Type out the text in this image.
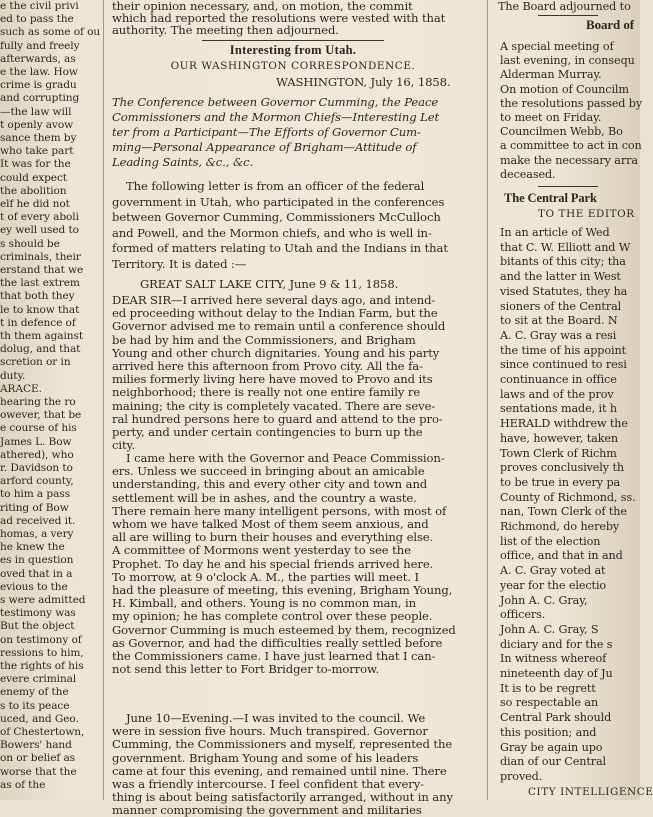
e the civil privi
ed to pass the
such as some of ou
fully and freely
afterwards, as
e the law. How
crime is gradu
and corrupting
—the law will
t openly avow
sance them by
who take part
It was for the
could expect
the abolition
elf he did not
t of every aboli
ey well used to
s should be
criminals, their
erstand that we
the last extrem
that both they
le to know that
t in defence of
th them against
dolug, and that
scretion or in
duty.
ARACE.
hearing the ro
owever, that be
e course of his
James L. Bow
athered), who
r. Davidson to
arford county,
to him a pass
riting of Bow
ad received it.
homas, a very
he knew the
es in question
oved that in a
evious to the
s were admitted
testimony was
But the object
on testimony of
ressions to him,
the rights of his
evere criminal
enemy of the
s to its peace
uced, and Geo.
of Chestertown,
Bowers' hand
on or belief as
worse that the
as of the
their opinion necessary, and, on motion, the commit
which had reported the resolutions were vested with that
authority. The meeting then adjourned.
Interesting from Utah.
OUR WASHINGTON CORRESPONDENCE.
WASHINGTON, July 16, 1858.
The Conference between Governor Cumming, the Peace
Commissioners and the Mormon Chiefs—Interesting Let
ter from a Participant—The Efforts of Governor Cum-
ming—Personal Appearance of Brigham—Attitude of
Leading Saints, &c., &c.
The following letter is from an officer of the federal
government in Utah, who participated in the conferences
between Governor Cumming, Commissioners McCulloch
and Powell, and the Mormon chiefs, and who is well in-
formed of matters relating to Utah and the Indians in that
Territory. It is dated :—
GREAT SALT LAKE CITY, June 9 & 11, 1858.
DEAR SIR—I arrived here several days ago, and intend-
ed proceeding without delay to the Indian Farm, but the
Governor advised me to remain until a conference should
be had by him and the Commissioners, and Brigham
Young and other church dignitaries. Young and his party
arrived here this afternoon from Provo city. All the fa-
milies formerly living here have moved to Provo and its
neighborhood; there is really not one entire family re
maining; the city is completely vacated. There are seve-
ral hundred persons here to guard and attend to the pro-
perty, and under certain contingencies to burn up the
city.
I came here with the Governor and Peace Commission-
ers. Unless we succeed in bringing about an amicable
understanding, this and every other city and town and
settlement will be in ashes, and the country a waste.
There remain here many intelligent persons, with most of
whom we have talked Most of them seem anxious, and
all are willing to burn their houses and everything else.
A committee of Mormons went yesterday to see the
Prophet. To day he and his special friends arrived here.
To morrow, at 9 o'clock A. M., the parties will meet. I
had the pleasure of meeting, this evening, Brigham Young,
H. Kimball, and others. Young is no common man, in
my opinion; he has complete control over these people.
Governor Cumming is much esteemed by them, recognized
as Governor, and had the difficulties really settled before
the Commissioners came. I have just learned that I can-
not send this letter to Fort Bridger to-morrow.
June 10—Evening.—I was invited to the council. We
were in session five hours. Much transpired. Governor
Cumming, the Commissioners and myself, represented the
government. Brigham Young and some of his leaders
came at four this evening, and remained until nine. There
was a friendly intercourse. I feel confident that every-
thing is about being satisfactorily arranged, without in any
manner compromising the government and militaries
The Board adjourned to
Board of
A special meeting of
last evening, in consequ
Alderman Murray.
On motion of Councilm
the resolutions passed by
to meet on Friday.
Councilmen Webb, Bo
a committee to act in con
make the necessary arra
deceased.
The Central Park
TO THE EDITOR
In an article of Wed
that C. W. Elliott and W
bitants of this city; tha
and the latter in West
vised Statutes, they ha
sioners of the Central
to sit at the Board. N
A. C. Gray was a resi
the time of his appoint
since continued to resi
continuance in office
laws and of the prov
sentations made, it h
HERALD withdrew the
have, however, taken
Town Clerk of Richm
proves conclusively th
to be true in every pa
County of Richmond, ss.
nan, Town Clerk of the
Richmond, do hereby
list of the election
office, and that in and
A. C. Gray voted at
year for the electio
John A. C. Gray,
officers.
John A. C. Gray, S
diciary and for the s
In witness whereof
nineteenth day of Ju
It is to be regrett
so respectable an
Central Park should
this position; and
Gray be again upo
dian of our Central
proved.
CITY INTELLIGENCE
